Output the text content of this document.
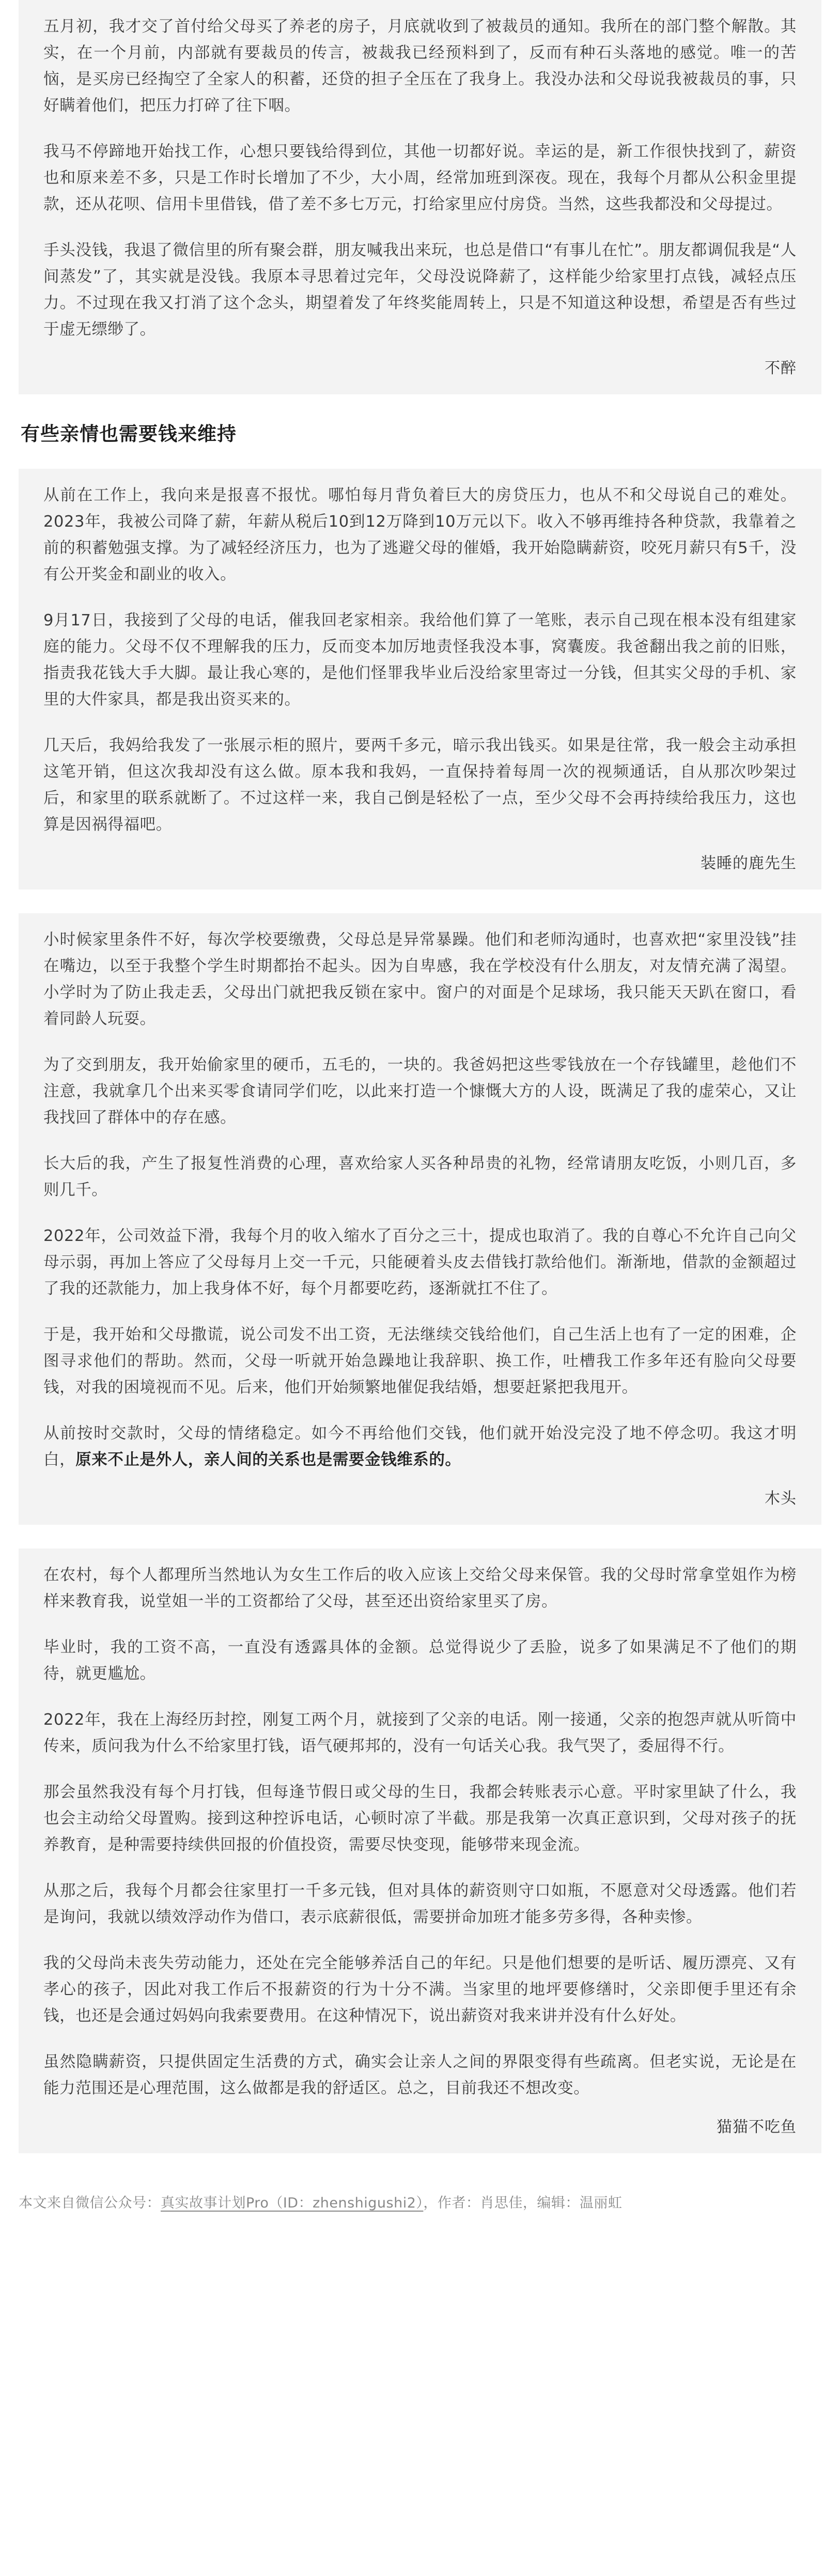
五月初，我才交了首付给父母买了养老的房子，月底就收到了被裁员的通知。我所在的部门整个解散。其实，在一个月前，内部就有要裁员的传言，被裁我已经预料到了，反而有种石头落地的感觉。唯一的苦恼，是买房已经掏空了全家人的积蓄，还贷的担子全压在了我身上。我没办法和父母说我被裁员的事，只好瞒着他们，把压力打碎了往下咽。

我马不停蹄地开始找工作，心想只要钱给得到位，其他一切都好说。幸运的是，新工作很快找到了，薪资也和原来差不多，只是工作时长增加了不少，大小周，经常加班到深夜。现在，我每个月都从公积金里提款，还从花呗、信用卡里借钱，借了差不多七万元，打给家里应付房贷。当然，这些我都没和父母提过。

手头没钱，我退了微信里的所有聚会群，朋友喊我出来玩，也总是借口“有事儿在忙”。朋友都调侃我是“人间蒸发”了，其实就是没钱。我原本寻思着过完年，父母没说降薪了，这样能少给家里打点钱，减轻点压力。不过现在我又打消了这个念头，期望着发了年终奖能周转上，只是不知道这种设想，希望是否有些过于虚无缥缈了。

不醉
有些亲情也需要钱来维持

从前在工作上，我向来是报喜不报忧。哪怕每月背负着巨大的房贷压力，也从不和父母说自己的难处。2023年，我被公司降了薪，年薪从税后10到12万降到10万元以下。收入不够再维持各种贷款，我靠着之前的积蓄勉强支撑。为了减轻经济压力，也为了逃避父母的催婚，我开始隐瞒薪资，咬死月薪只有5千，没有公开奖金和副业的收入。

9月17日，我接到了父母的电话，催我回老家相亲。我给他们算了一笔账，表示自己现在根本没有组建家庭的能力。父母不仅不理解我的压力，反而变本加厉地责怪我没本事，窝囊废。我爸翻出我之前的旧账，指责我花钱大手大脚。最让我心寒的，是他们怪罪我毕业后没给家里寄过一分钱，但其实父母的手机、家里的大件家具，都是我出资买来的。

几天后，我妈给我发了一张展示柜的照片，要两千多元，暗示我出钱买。如果是往常，我一般会主动承担这笔开销，但这次我却没有这么做。原本我和我妈，一直保持着每周一次的视频通话，自从那次吵架过后，和家里的联系就断了。不过这样一来，我自己倒是轻松了一点，至少父母不会再持续给我压力，这也算是因祸得福吧。

装睡的鹿先生

小时候家里条件不好，每次学校要缴费，父母总是异常暴躁。他们和老师沟通时，也喜欢把“家里没钱”挂在嘴边，以至于我整个学生时期都抬不起头。因为自卑感，我在学校没有什么朋友，对友情充满了渴望。小学时为了防止我走丢，父母出门就把我反锁在家中。窗户的对面是个足球场，我只能天天趴在窗口，看着同龄人玩耍。

为了交到朋友，我开始偷家里的硬币，五毛的，一块的。我爸妈把这些零钱放在一个存钱罐里，趁他们不注意，我就拿几个出来买零食请同学们吃，以此来打造一个慷慨大方的人设，既满足了我的虚荣心，又让我找回了群体中的存在感。

长大后的我，产生了报复性消费的心理，喜欢给家人买各种昂贵的礼物，经常请朋友吃饭，小则几百，多则几千。

2022年，公司效益下滑，我每个月的收入缩水了百分之三十，提成也取消了。我的自尊心不允许自己向父母示弱，再加上答应了父母每月上交一千元，只能硬着头皮去借钱打款给他们。渐渐地，借款的金额超过了我的还款能力，加上我身体不好，每个月都要吃药，逐渐就扛不住了。

于是，我开始和父母撒谎，说公司发不出工资，无法继续交钱给他们，自己生活上也有了一定的困难，企图寻求他们的帮助。然而，父母一听就开始急躁地让我辞职、换工作，吐槽我工作多年还有脸向父母要钱，对我的困境视而不见。后来，他们开始频繁地催促我结婚，想要赶紧把我甩开。

从前按时交款时，父母的情绪稳定。如今不再给他们交钱，他们就开始没完没了地不停念叨。我这才明白，原来不止是外人，亲人间的关系也是需要金钱维系的。

木头

在农村，每个人都理所当然地认为女生工作后的收入应该上交给父母来保管。我的父母时常拿堂姐作为榜样来教育我，说堂姐一半的工资都给了父母，甚至还出资给家里买了房。

毕业时，我的工资不高，一直没有透露具体的金额。总觉得说少了丢脸，说多了如果满足不了他们的期待，就更尴尬。

2022年，我在上海经历封控，刚复工两个月，就接到了父亲的电话。刚一接通，父亲的抱怨声就从听筒中传来，质问我为什么不给家里打钱，语气硬邦邦的，没有一句话关心我。我气哭了，委屈得不行。

那会虽然我没有每个月打钱，但每逢节假日或父母的生日，我都会转账表示心意。平时家里缺了什么，我也会主动给父母置购。接到这种控诉电话，心顿时凉了半截。那是我第一次真正意识到，父母对孩子的抚养教育，是种需要持续供回报的价值投资，需要尽快变现，能够带来现金流。

从那之后，我每个月都会往家里打一千多元钱，但对具体的薪资则守口如瓶，不愿意对父母透露。他们若是询问，我就以绩效浮动作为借口，表示底薪很低，需要拼命加班才能多劳多得，各种卖惨。

我的父母尚未丧失劳动能力，还处在完全能够养活自己的年纪。只是他们想要的是听话、履历漂亮、又有孝心的孩子，因此对我工作后不报薪资的行为十分不满。当家里的地坪要修缮时，父亲即便手里还有余钱，也还是会通过妈妈向我索要费用。在这种情况下，说出薪资对我来讲并没有什么好处。

虽然隐瞒薪资，只提供固定生活费的方式，确实会让亲人之间的界限变得有些疏离。但老实说，无论是在能力范围还是心理范围，这么做都是我的舒适区。总之，目前我还不想改变。

猫猫不吃鱼
本文来自微信公众号：真实故事计划Pro（ID：zhenshigushi2），作者：肖思佳，编辑：温丽虹
